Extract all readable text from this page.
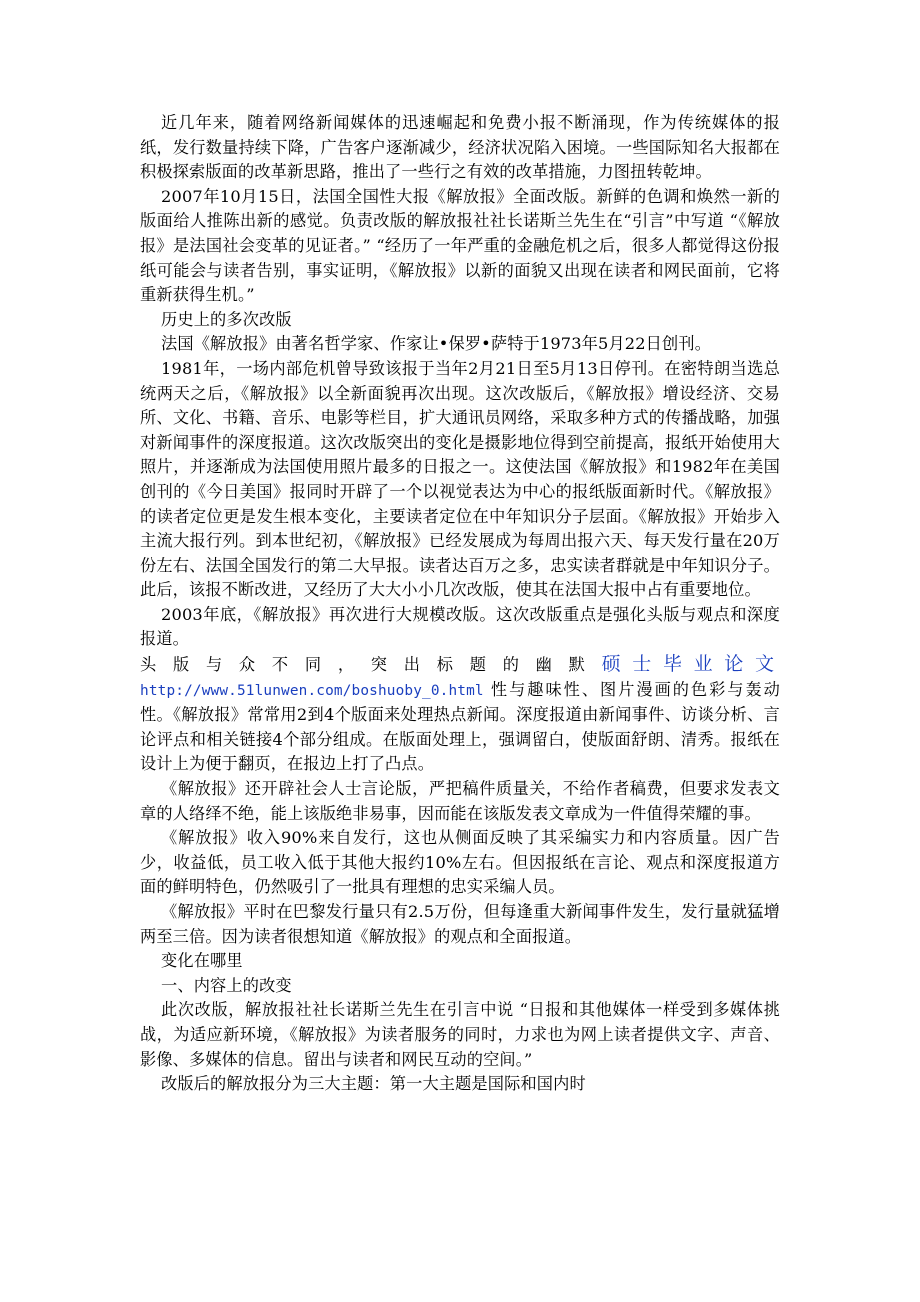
近几年来，随着网络新闻媒体的迅速崛起和免费小报不断涌现，作为传统媒体的报纸，发行数量持续下降，广告客户逐渐减少，经济状况陷入困境。一些国际知名大报都在积极探索版面的改革新思路，推出了一些行之有效的改革措施，力图扭转乾坤。

2007年10月15日，法国全国性大报《解放报》全面改版。新鲜的色调和焕然一新的版面给人推陈出新的感觉。负责改版的解放报社社长诺斯兰先生在“引言”中写道 “《解放报》是法国社会变革的见证者。” “经历了一年严重的金融危机之后，很多人都觉得这份报纸可能会与读者告别，事实证明，《解放报》以新的面貌又出现在读者和网民面前，它将重新获得生机。”

历史上的多次改版

法国《解放报》由著名哲学家、作家让•保罗•萨特于1973年5月22日创刊。

1981年，一场内部危机曾导致该报于当年2月21日至5月13日停刊。在密特朗当选总统两天之后，《解放报》以全新面貌再次出现。这次改版后，《解放报》增设经济、交易所、文化、书籍、音乐、电影等栏目，扩大通讯员网络，采取多种方式的传播战略，加强对新闻事件的深度报道。这次改版突出的变化是摄影地位得到空前提高，报纸开始使用大照片，并逐渐成为法国使用照片最多的日报之一。这使法国《解放报》和1982年在美国创刊的《今日美国》报同时开辟了一个以视觉表达为中心的报纸版面新时代。《解放报》的读者定位更是发生根本变化，主要读者定位在中年知识分子层面。《解放报》开始步入主流大报行列。到本世纪初，《解放报》已经发展成为每周出报六天、每天发行量在20万份左右、法国全国发行的第二大早报。读者达百万之多，忠实读者群就是中年知识分子。此后，该报不断改进，又经历了大大小小几次改版，使其在法国大报中占有重要地位。

2003年底，《解放报》再次进行大规模改版。这次改版重点是强化头版与观点和深度报道。
头 版 与 众 不 同 ， 突 出 标 题 的 幽 默 硕士毕业论文
http://www.51lunwen.com/boshuoby_0.html 性与趣味性、图片漫画的色彩与轰动性。《解放报》常常用2到4个版面来处理热点新闻。深度报道由新闻事件、访谈分析、言论评点和相关链接4个部分组成。在版面处理上，强调留白，使版面舒朗、清秀。报纸在设计上为便于翻页，在报边上打了凸点。

《解放报》还开辟社会人士言论版，严把稿件质量关，不给作者稿费，但要求发表文章的人络绎不绝，能上该版绝非易事，因而能在该版发表文章成为一件值得荣耀的事。

《解放报》收入90%来自发行，这也从侧面反映了其采编实力和内容质量。因广告少，收益低，员工收入低于其他大报约10%左右。但因报纸在言论、观点和深度报道方面的鲜明特色，仍然吸引了一批具有理想的忠实采编人员。

《解放报》平时在巴黎发行量只有2.5万份，但每逢重大新闻事件发生，发行量就猛增两至三倍。因为读者很想知道《解放报》的观点和全面报道。

变化在哪里

一、内容上的改变

此次改版，解放报社社长诺斯兰先生在引言中说 “日报和其他媒体一样受到多媒体挑战，为适应新环境，《解放报》为读者服务的同时，力求也为网上读者提供文字、声音、影像、多媒体的信息。留出与读者和网民互动的空间。”

改版后的解放报分为三大主题：第一大主题是国际和国内时
